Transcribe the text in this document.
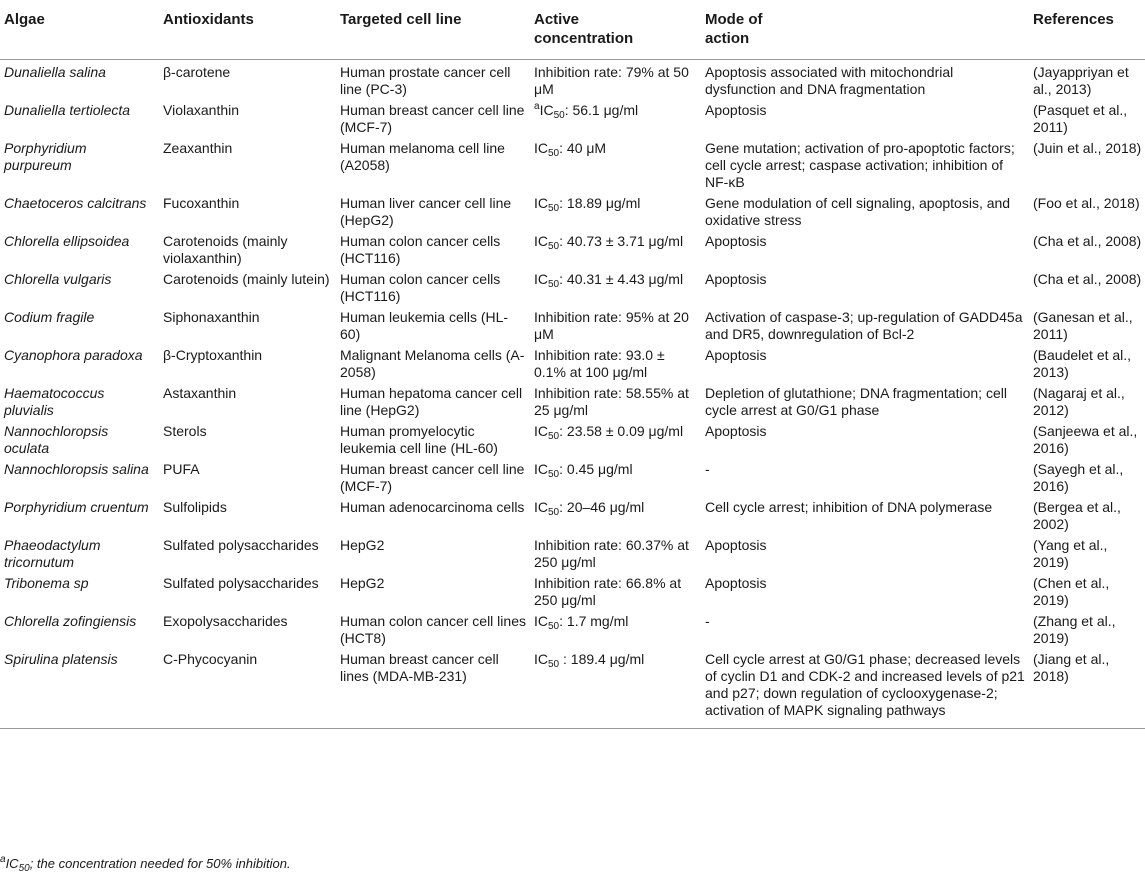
Algae	Antioxidants	Targeted cell line	Active concentration	Mode of action	References
Dunaliella salina	β-carotene	Human prostate cancer cell line (PC-3)	Inhibition rate: 79% at 50 μM	Apoptosis associated with mitochondrial dysfunction and DNA fragmentation	(Jayappriyan et al., 2013)
Dunaliella tertiolecta	Violaxanthin	Human breast cancer cell line (MCF-7)	$^aIC_{50}$: 56.1 μg/ml	Apoptosis	(Pasquet et al., 2011)
Porphyridium purpureum	Zeaxanthin	Human melanoma cell line (A2058)	$IC_{50}$: 40 μM	Gene mutation; activation of pro-apoptotic factors; cell cycle arrest; caspase activation; inhibition of NF-κB	(Juin et al., 2018)
Chaetoceros calcitrans	Fucoxanthin	Human liver cancer cell line (HepG2)	$IC_{50}$: 18.89 μg/ml	Gene modulation of cell signaling, apoptosis, and oxidative stress	(Foo et al., 2018)
Chlorella ellipsoidea	Carotenoids (mainly violaxanthin)	Human colon cancer cells (HCT116)	$IC_{50}$: 40.73 ± 3.71 μg/ml	Apoptosis	(Cha et al., 2008)
Chlorella vulgaris	Carotenoids (mainly lutein)	Human colon cancer cells (HCT116)	$IC_{50}$: 40.31 ± 4.43 μg/ml	Apoptosis	(Cha et al., 2008)
Codium fragile	Siphonaxanthin	Human leukemia cells (HL-60)	Inhibition rate: 95% at 20 μM	Activation of caspase-3; up-regulation of GADD45a and DR5, downregulation of Bcl-2	(Ganesan et al., 2011)
Cyanophora paradoxa	β-Cryptoxanthin	Malignant Melanoma cells (A-2058)	Inhibition rate: 93.0 ± 0.1% at 100 μg/ml	Apoptosis	(Baudelet et al., 2013)
Haematococcus pluvialis	Astaxanthin	Human hepatoma cancer cell line (HepG2)	Inhibition rate: 58.55% at 25 μg/ml	Depletion of glutathione; DNA fragmentation; cell cycle arrest at G0/G1 phase	(Nagaraj et al., 2012)
Nannochloropsis oculata	Sterols	Human promyelocytic leukemia cell line (HL-60)	$IC_{50}$: 23.58 ± 0.09 μg/ml	Apoptosis	(Sanjeewa et al., 2016)
Nannochloropsis salina	PUFA	Human breast cancer cell line (MCF-7)	$IC_{50}$: 0.45 μg/ml	-	(Sayegh et al., 2016)
Porphyridium cruentum	Sulfolipids	Human adenocarcinoma cells	$IC_{50}$: 20–46 μg/ml	Cell cycle arrest; inhibition of DNA polymerase	(Bergea et al., 2002)
Phaeodactylum tricornutum	Sulfated polysaccharides	HepG2	Inhibition rate: 60.37% at 250 μg/ml	Apoptosis	(Yang et al., 2019)
Tribonema sp	Sulfated polysaccharides	HepG2	Inhibition rate: 66.8% at 250 μg/ml	Apoptosis	(Chen et al., 2019)
Chlorella zofingiensis	Exopolysaccharides	Human colon cancer cell lines (HCT8)	$IC_{50}$: 1.7 mg/ml	-	(Zhang et al., 2019)
Spirulina platensis	C-Phycocyanin	Human breast cancer cell lines (MDA-MB-231)	$IC_{50}$ : 189.4 μg/ml	Cell cycle arrest at G0/G1 phase; decreased levels of cyclin D1 and CDK-2 and increased levels of p21 and p27; down regulation of cyclooxygenase-2; activation of MAPK signaling pathways	(Jiang et al., 2018)
$^aIC_{50}$; the concentration needed for 50% inhibition.
